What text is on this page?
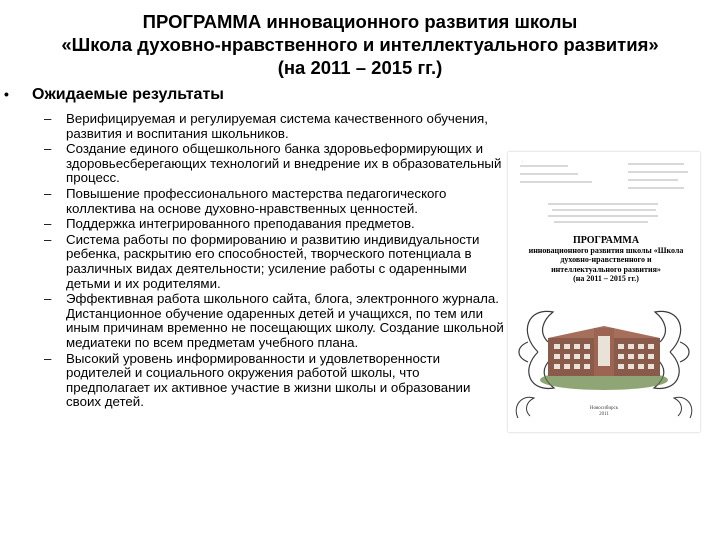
ПРОГРАММА инновационного развития школы
«Школа духовно-нравственного и интеллектуального развития»
(на 2011 – 2015 гг.)
• Ожидаемые результаты
– Верифицируемая и регулируемая система качественного обучения, развития и воспитания школьников.
– Создание единого общешкольного банка здоровьеформирующих и здоровьесберегающих технологий и внедрение их в образовательный процесс.
– Повышение профессионального мастерства педагогического коллектива на основе духовно-нравственных ценностей.
– Поддержка интегрированного преподавания предметов.
– Система работы по формированию и развитию индивидуальности ребенка, раскрытию его способностей, творческого потенциала в различных видах деятельности; усиление работы с одаренными детьми и их родителями.
– Эффективная работа школьного сайта, блога, электронного журнала. Дистанционное обучение одаренных детей и учащихся, по тем или иным причинам временно не посещающих школу. Создание школьной медиатеки по всем предметам учебного плана.
– Высокий уровень информированности и удовлетворенности родителей и социального окружения работой школы, что предполагает их активное участие в жизни школы и образовании своих детей.
.
ПРОГРАММА
инновационного развития школы «Школа духовно-нравственного и интеллектуального развития»
(на 2011 – 2015 гг.)
Новосибирск
2011
